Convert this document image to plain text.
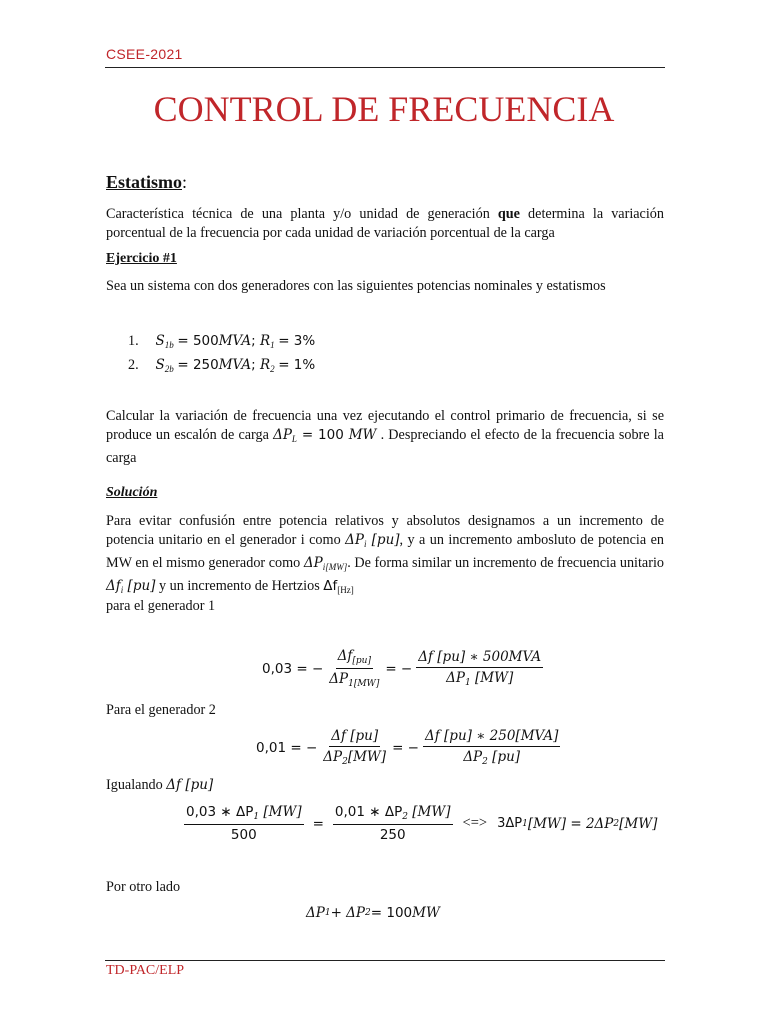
CSEE-2021
CONTROL DE FRECUENCIA
Estatismo:
Característica técnica de una planta y/o unidad de generación que determina la variación porcentual de la frecuencia por cada unidad de variación porcentual de la carga
Ejercicio #1
Sea un sistema con dos generadores con las siguientes potencias nominales y estatismos
1. $S_{1b} = 500MVA$; $R_1 = 3\%$
2. $S_{2b} = 250MVA$; $R_2 = 1\%$
Calcular la variación de frecuencia una vez ejecutando el control primario de frecuencia, si se produce un escalón de carga $\Delta P_L = 100$ MW . Despreciando el efecto de la frecuencia sobre la carga
Solución
Para evitar confusión entre potencia relativos y absolutos designamos a un incremento de potencia unitario en el generador i como $\Delta P_i$ [pu], y a un incremento ambosluto de potencia en MW en el mismo generador como $\Delta P_{i[MW]}$. De forma similar un incremento de frecuencia unitario $\Delta f_i$ [pu] y un incremento de Hertzios $\Delta f_{[Hz]}$
para el generador 1
0,03 = − $\frac{\Delta f_{[pu]}}{\Delta P_{1[MW]}}$ = − $\frac{\text{Δf [pu] ∗ 500MVA}}{\Delta P_1 [MW]}$
Para el generador 2
0,01 = − $\frac{\Delta f [pu]}{\Delta P_2[MW]}$ = − $\frac{\text{Δf [pu] ∗ 250[MVA]}}{\Delta P_2 [pu]}$
Igualando Δf [pu]
$\frac{0,03 ∗ \Delta P_1 [MW]}{500} = \frac{0,01 ∗ \Delta P_2 [MW]}{250}$ <=> 3ΔP 1 [MW] = 2ΔP 2 [MW]
Por otro lado
ΔP 1 + ΔP 2 = 100 MW
TD-PAC/ELP
